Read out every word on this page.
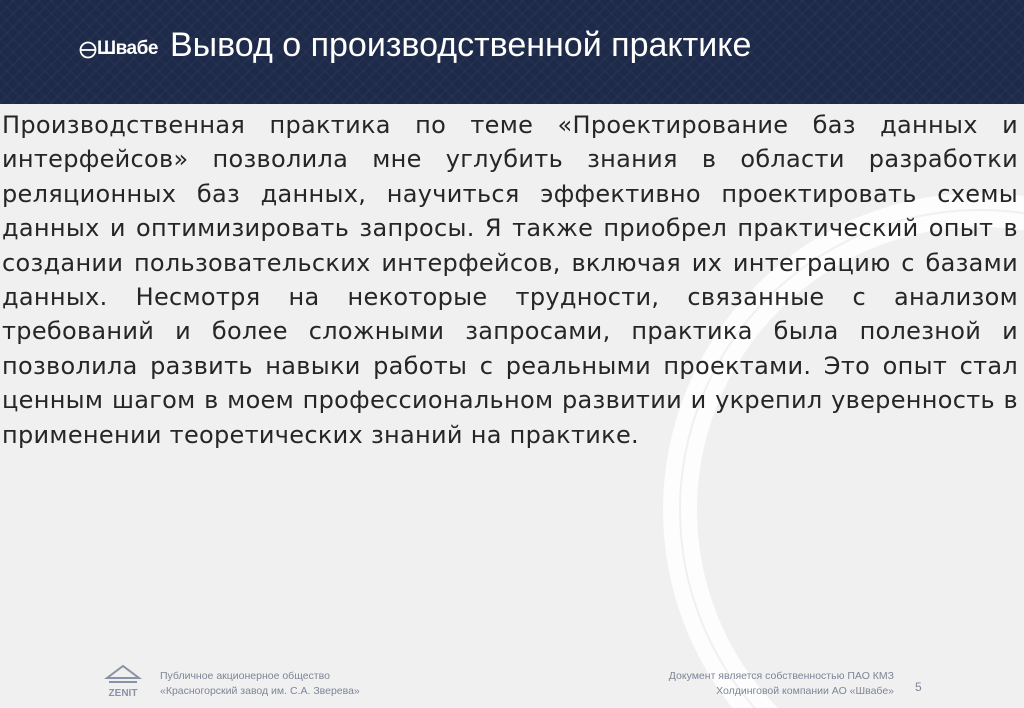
Швабе Вывод о производственной практике

Производственная практика по теме «Проектирование баз данных и интерфейсов» позволила мне углубить знания в области разработки реляционных баз данных, научиться эффективно проектировать схемы данных и оптимизировать запросы. Я также приобрел практический опыт в создании пользовательских интерфейсов, включая их интеграцию с базами данных. Несмотря на некоторые трудности, связанные с анализом требований и более сложными запросами, практика была полезной и позволила развить навыки работы с реальными проектами. Это опыт стал ценным шагом в моем профессиональном развитии и укрепил уверенность в применении теоретических знаний на практике.

ZENIT
Публичное акционерное общество
«Красногорский завод им. С.А. Зверева»
Документ является собственностью ПАО КМЗ
Холдинговой компании АО «Швабе» 5
